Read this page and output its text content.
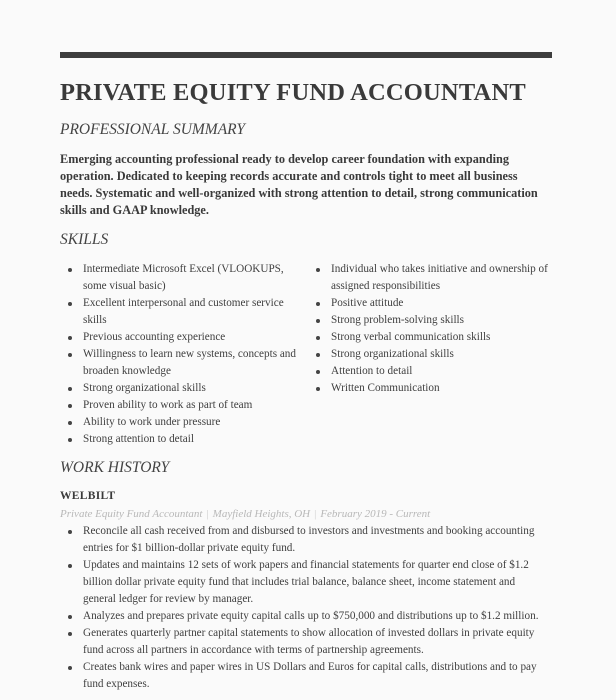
PRIVATE EQUITY FUND ACCOUNTANT
PROFESSIONAL SUMMARY

Emerging accounting professional ready to develop career foundation with expanding operation. Dedicated to keeping records accurate and controls tight to meet all business needs. Systematic and well-organized with strong attention to detail, strong communication skills and GAAP knowledge.

SKILLS
Intermediate Microsoft Excel (VLOOKUPS, some visual basic)
Excellent interpersonal and customer service skills
Previous accounting experience
Willingness to learn new systems, concepts and broaden knowledge
Strong organizational skills
Proven ability to work as part of team
Ability to work under pressure
Strong attention to detail
Individual who takes initiative and ownership of assigned responsibilities
Positive attitude
Strong problem-solving skills
Strong verbal communication skills
Strong organizational skills
Attention to detail
Written Communication
WORK HISTORY
WELBILT
Private Equity Fund Accountant | Mayfield Heights, OH | February 2019 - Current
Reconcile all cash received from and disbursed to investors and investments and booking accounting entries for $1 billion-dollar private equity fund.
Updates and maintains 12 sets of work papers and financial statements for quarter end close of $1.2 billion dollar private equity fund that includes trial balance, balance sheet, income statement and general ledger for review by manager.
Analyzes and prepares private equity capital calls up to $750,000 and distributions up to $1.2 million.
Generates quarterly partner capital statements to show allocation of invested dollars in private equity fund across all partners in accordance with terms of partnership agreements.
Creates bank wires and paper wires in US Dollars and Euros for capital calls, distributions and to pay fund expenses.
